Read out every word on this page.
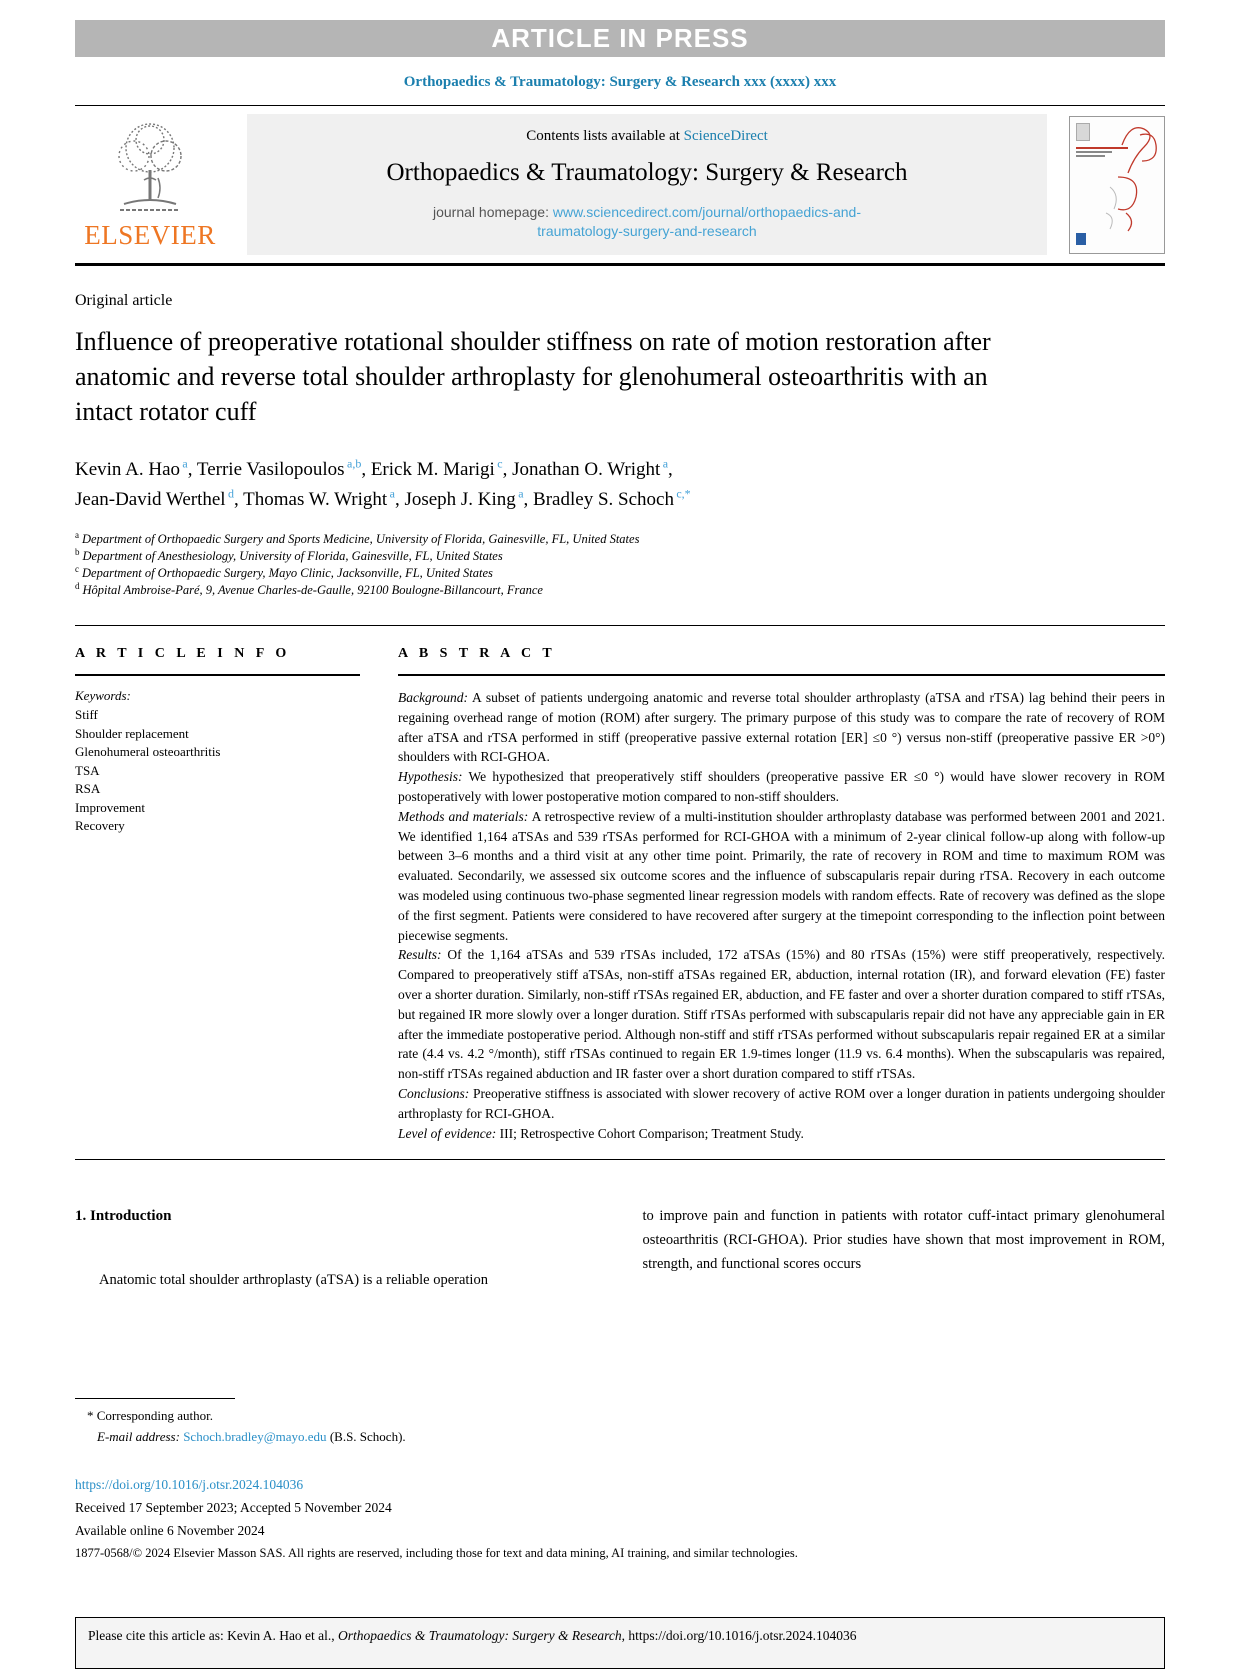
ARTICLE IN PRESS
Orthopaedics & Traumatology: Surgery & Research xxx (xxxx) xxx
ELSEVIER
Contents lists available at ScienceDirect
Orthopaedics & Traumatology: Surgery & Research
journal homepage: www.sciencedirect.com/journal/orthopaedics-and-
traumatology-surgery-and-research
Original article
Influence of preoperative rotational shoulder stiffness on rate of motion restoration after anatomic and reverse total shoulder arthroplasty for glenohumeral osteoarthritis with an intact rotator cuff
Kevin A. Hao $^a$, Terrie Vasilopoulos $^{a,b}$, Erick M. Marigi $^c$, Jonathan O. Wright $^a$,
Jean-David Werthel $^d$, Thomas W. Wright $^a$, Joseph J. King $^a$, Bradley S. Schoch $^{c,*}$
$^a$ Department of Orthopaedic Surgery and Sports Medicine, University of Florida, Gainesville, FL, United States
$^b$ Department of Anesthesiology, University of Florida, Gainesville, FL, United States
$^c$ Department of Orthopaedic Surgery, Mayo Clinic, Jacksonville, FL, United States
$^d$ Hôpital Ambroise-Paré, 9, Avenue Charles-de-Gaulle, 92100 Boulogne-Billancourt, France
A R T I C L E I N F O
Keywords:
Stiff
Shoulder replacement
Glenohumeral osteoarthritis
TSA
RSA
Improvement
Recovery
A B S T R A C T
Background: A subset of patients undergoing anatomic and reverse total shoulder arthroplasty (aTSA and rTSA) lag behind their peers in regaining overhead range of motion (ROM) after surgery. The primary purpose of this study was to compare the rate of recovery of ROM after aTSA and rTSA performed in stiff (preoperative passive external rotation [ER] ≤0 °) versus non-stiff (preoperative passive ER >0°) shoulders with RCI-GHOA.
Hypothesis: We hypothesized that preoperatively stiff shoulders (preoperative passive ER ≤0 °) would have slower recovery in ROM postoperatively with lower postoperative motion compared to non-stiff shoulders.
Methods and materials: A retrospective review of a multi-institution shoulder arthroplasty database was performed between 2001 and 2021. We identified 1,164 aTSAs and 539 rTSAs performed for RCI-GHOA with a minimum of 2-year clinical follow-up along with follow-up between 3–6 months and a third visit at any other time point. Primarily, the rate of recovery in ROM and time to maximum ROM was evaluated. Secondarily, we assessed six outcome scores and the influence of subscapularis repair during rTSA. Recovery in each outcome was modeled using continuous two-phase segmented linear regression models with random effects. Rate of recovery was defined as the slope of the first segment. Patients were considered to have recovered after surgery at the timepoint corresponding to the inflection point between piecewise segments.
Results: Of the 1,164 aTSAs and 539 rTSAs included, 172 aTSAs (15%) and 80 rTSAs (15%) were stiff preoperatively, respectively. Compared to preoperatively stiff aTSAs, non-stiff aTSAs regained ER, abduction, internal rotation (IR), and forward elevation (FE) faster over a shorter duration. Similarly, non-stiff rTSAs regained ER, abduction, and FE faster and over a shorter duration compared to stiff rTSAs, but regained IR more slowly over a longer duration. Stiff rTSAs performed with subscapularis repair did not have any appreciable gain in ER after the immediate postoperative period. Although non-stiff and stiff rTSAs performed without subscapularis repair regained ER at a similar rate (4.4 vs. 4.2 °/month), stiff rTSAs continued to regain ER 1.9-times longer (11.9 vs. 6.4 months). When the subscapularis was repaired, non-stiff rTSAs regained abduction and IR faster over a short duration compared to stiff rTSAs.
Conclusions: Preoperative stiffness is associated with slower recovery of active ROM over a longer duration in patients undergoing shoulder arthroplasty for RCI-GHOA.
Level of evidence: III; Retrospective Cohort Comparison; Treatment Study.
1. Introduction

Anatomic total shoulder arthroplasty (aTSA) is a reliable operation

to improve pain and function in patients with rotator cuff-intact primary glenohumeral osteoarthritis (RCI-GHOA). Prior studies have shown that most improvement in ROM, strength, and functional scores occurs

* Corresponding author.
E-mail address: Schoch.bradley@mayo.edu (B.S. Schoch).
https://doi.org/10.1016/j.otsr.2024.104036
Received 17 September 2023; Accepted 5 November 2024
Available online 6 November 2024
1877-0568/© 2024 Elsevier Masson SAS. All rights are reserved, including those for text and data mining, AI training, and similar technologies.
Please cite this article as: Kevin A. Hao et al., Orthopaedics & Traumatology: Surgery & Research, https://doi.org/10.1016/j.otsr.2024.104036
